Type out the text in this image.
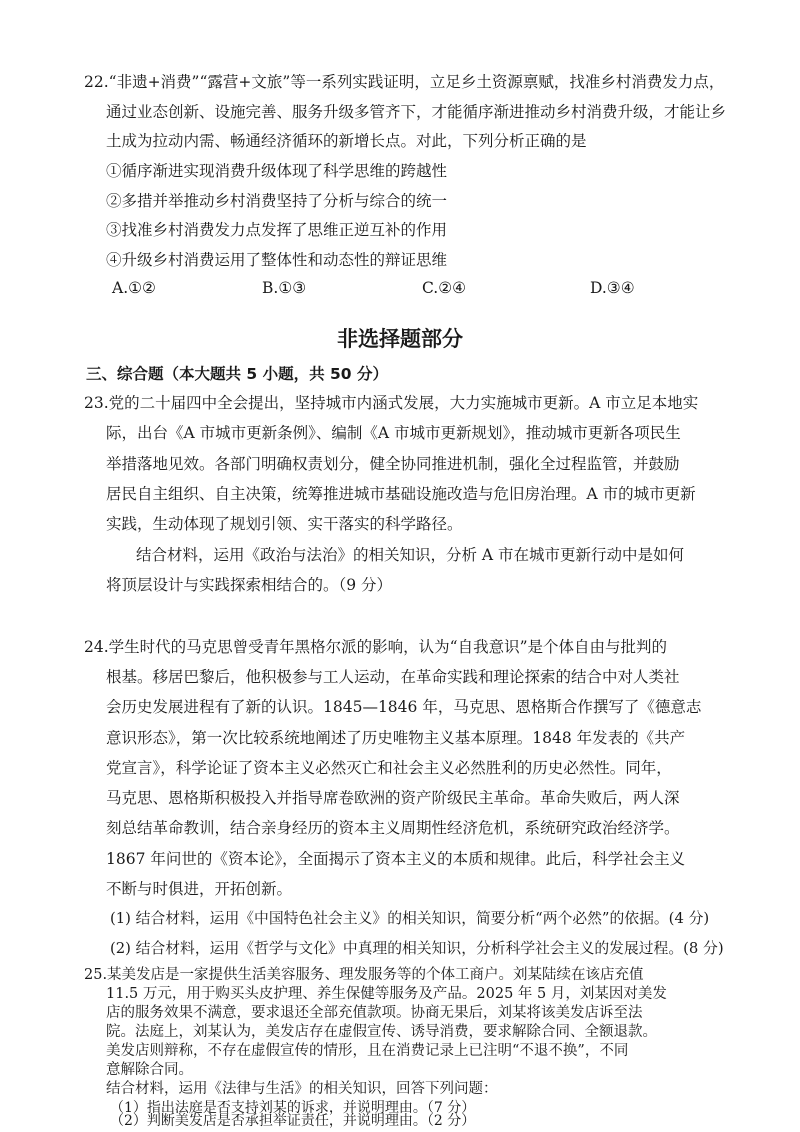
22.“非遗+消费”“露营+文旅”等一系列实践证明，立足乡土资源禀赋，找准乡村消费发力点，
通过业态创新、设施完善、服务升级多管齐下，才能循序渐进推动乡村消费升级，才能让乡
土成为拉动内需、畅通经济循环的新增长点。对此，下列分析正确的是
①循序渐进实现消费升级体现了科学思维的跨越性
②多措并举推动乡村消费坚持了分析与综合的统一
③找准乡村消费发力点发挥了思维正逆互补的作用
④升级乡村消费运用了整体性和动态性的辩证思维
A.①②	B.①③	C.②④	D.③④
非选择题部分
三、综合题（本大题共 5 小题，共 50 分）
23.党的二十届四中全会提出，坚持城市内涵式发展，大力实施城市更新。A 市立足本地实
际，出台《A 市城市更新条例》、编制《A 市城市更新规划》，推动城市更新各项民生
举措落地见效。各部门明确权责划分，健全协同推进机制，强化全过程监管，并鼓励
居民自主组织、自主决策，统筹推进城市基础设施改造与危旧房治理。A 市的城市更新
实践，生动体现了规划引领、实干落实的科学路径。
结合材料，运用《政治与法治》的相关知识，分析 A 市在城市更新行动中是如何
将顶层设计与实践探索相结合的。（9 分）
24.学生时代的马克思曾受青年黑格尔派的影响，认为“自我意识”是个体自由与批判的
根基。移居巴黎后，他积极参与工人运动，在革命实践和理论探索的结合中对人类社
会历史发展进程有了新的认识。1845—1846 年，马克思、恩格斯合作撰写了《德意志
意识形态》，第一次比较系统地阐述了历史唯物主义基本原理。1848 年发表的《共产
党宣言》，科学论证了资本主义必然灭亡和社会主义必然胜利的历史必然性。同年，
马克思、恩格斯积极投入并指导席卷欧洲的资产阶级民主革命。革命失败后，两人深
刻总结革命教训，结合亲身经历的资本主义周期性经济危机，系统研究政治经济学。
1867 年问世的《资本论》，全面揭示了资本主义的本质和规律。此后，科学社会主义
不断与时俱进，开拓创新。
(1) 结合材料，运用《中国特色社会主义》的相关知识，简要分析“两个必然”的依据。(4 分)
(2) 结合材料，运用《哲学与文化》中真理的相关知识，分析科学社会主义的发展过程。(8 分)
25.某美发店是一家提供生活美容服务、理发服务等的个体工商户。刘某陆续在该店充值
11.5 万元，用于购买头皮护理、养生保健等服务及产品。2025 年 5 月，刘某因对美发
店的服务效果不满意，要求退还全部充值款项。协商无果后，刘某将该美发店诉至法
院。法庭上，刘某认为，美发店存在虚假宣传、诱导消费，要求解除合同、全额退款。
美发店则辩称，不存在虚假宣传的情形，且在消费记录上已注明“不退不换”，不同
意解除合同。
结合材料，运用《法律与生活》的相关知识，回答下列问题：
（1）指出法庭是否支持刘某的诉求，并说明理由。（7 分）
（2）判断美发店是否承担举证责任，并说明理由。（2 分）
